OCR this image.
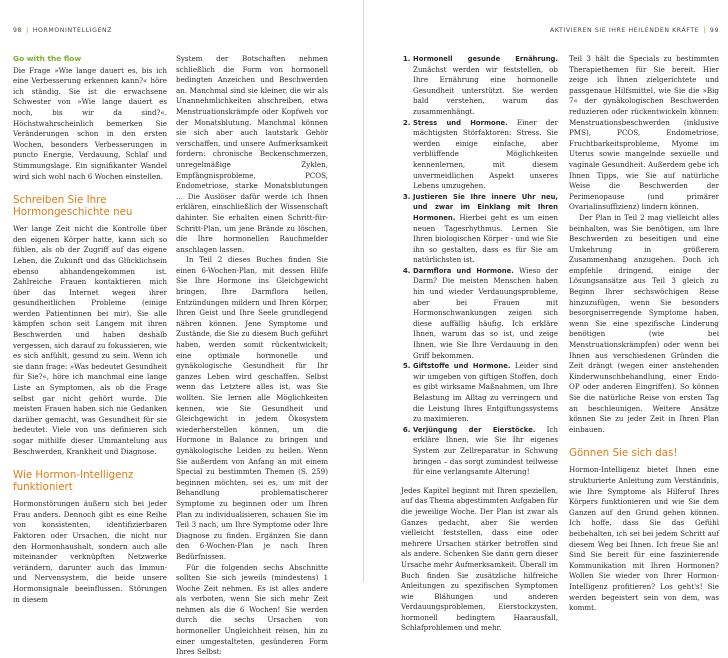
98 | HORMONINTELLIGENZ
Go with the flow

Die Frage »Wie lange dauert es, bis ich eine Verbesserung erkennen kann?« höre ich ständig. Sie ist die erwachsene Schwester von »Wie lange dauert es noch, bis wir da sind?«. Höchstwahrscheinlich bemerken Sie Veränderungen schon in den ersten Wochen, besonders Verbesserungen in puncto Energie, Verdauung, Schlaf und Stimmungslage. Ein signifikanter Wandel wird sich wohl nach 6 Wochen einstellen.

Schreiben Sie Ihre Hormongeschichte neu

Wer lange Zeit nicht die Kontrolle über den eigenen Körper hatte, kann sich so fühlen, als ob der Zugriff auf das eigene Leben, die Zukunft und das Glücklichsein ebenso abhandengekommen ist. Zahlreiche Frauen kontaktieren mich über das Internet wegen ihrer gesundheitlichen Probleme (einige werden Patientinnen bei mir). Sie alle kämpfen schon seit Langem mit ihren Beschwerden und haben deshalb vergessen, sich darauf zu fokussieren, wie es sich anfühlt, gesund zu sein. Wenn ich sie dann frage: »Was bedeutet Gesundheit für Sie?«, höre ich manchmal eine lange Liste an Symptomen, als ob die Frage selbst gar nicht gehört wurde. Die meisten Frauen haben sich nie Gedanken darüber gemacht, was Gesundheit für sie bedeutet. Viele von uns definieren sich sogar mithilfe dieser Ummantelung aus Beschwerden, Krankheit und Diagnose.

Wie Hormon-Intelligenz funktioniert

Hormonstörungen äußern sich bei jeder Frau anders. Dennoch gibt es eine Reihe von konsistenten, identifizierbaren Faktoren oder Ursachen, die nicht nur den Hormonhaushalt, sondern auch alle miteinander verknüpften Netzwerke verändern, darunter auch das Immun- und Nervensystem, die beide unsere Hormonsignale beeinflussen. Störungen in diesem

System der Botschaften nehmen schließlich die Form von hormonell bedingten Anzeichen und Beschwerden an. Manchmal sind sie kleiner, die wir als Unannehmlichkeiten abschreiben, etwa Menstruationskrämpfe oder Kopfweh vor der Monatsblutung. Manchmal können sie sich aber auch lautstark Gehör verschaffen, und unsere Aufmerksamkeit fordern: chronische Beckenschmerzen, unregelmäßige Zyklen, Empfängnisprobleme, PCOS, Endometriose, starke Monatsblutungen … Die Auslöser dafür werde ich Ihnen erklären, einschließlich der Wissenschaft dahinter. Sie erhalten einen Schritt-für-Schritt-Plan, um jene Brände zu löschen, die Ihre hormonellen Rauchmelder anschlagen lassen.

In Teil 2 dieses Buches finden Sie einen 6-Wochen-Plan, mit dessen Hilfe Sie Ihre Hormone ins Gleichgewicht bringen, Ihre Darmflora heilen, Entzündungen mildern und Ihren Körper, Ihren Geist und Ihre Seele grundlegend nähren können. Jene Symptome und Zustände, die Sie zu diesem Buch geführt haben, werden somit rückentwickelt; eine optimale hormonelle und gynäkologische Gesundheit für Ihr ganzes Leben wird geschaffen. Selbst wenn das Letztere alles ist, was Sie wollten. Sie lernen alle Möglichkeiten kennen, wie Sie Gesundheit und Gleichgewicht in jedem Ökosystem wiederherstellen können, um die Hormone in Balance zu bringen und gynäkologische Leiden zu heilen. Wenn Sie außerdem von Anfang an mit einem Special zu bestimmten Themen (S. 259) beginnen möchten, sei es, um mit der Behandlung problematischerer Symptome zu beginnen oder um Ihren Plan zu individualisieren, schauen Sie im Teil 3 nach, um Ihre Symptome oder Ihre Diagnose zu finden. Ergänzen Sie dann den 6-Wochen-Plan je nach Ihren Bedürfnissen.

Für die folgenden sechs Abschnitte sollten Sie sich jeweils (mindestens) 1 Woche Zeit nehmen. Es ist alles andere als verboten, wenn Sie sich mehr Zeit nehmen als die 6 Wochen! Sie werden durch die sechs Ursachen von hormoneller Ungleichheit reisen, hin zu einer umgestalteten, gesünderen Form Ihres Selbst:

AKTIVIEREN SIE IHRE HEILENDEN KRÄFTE | 99
1. Hormonell gesunde Ernährung. Zunächst werden wir feststellen, ob Ihre Ernährung eine hormonelle Gesundheit unterstützt. Sie werden bald verstehen, warum das zusammenhängt.
2. Stress und Hormone. Einer der mächtigsten Störfaktoren: Stress. Sie werden einige einfache, aber verblüffende Möglichkeiten kennenlernen, mit diesem unvermeidlichen Aspekt unseres Lebens umzugehen.
3. Justieren Sie Ihre innere Uhr neu, und zwar im Einklang mit Ihren Hormonen. Hierbei geht es um einen neuen Tagesrhythmus. Lernen Sie Ihren biologischen Körper - und wie Sie ihn so gestalten, dass es für Sie am natürlichsten ist.
4. Darmflora und Hormone. Wieso der Darm? Die meisten Menschen haben hin und wieder Verdauungsprobleme, aber bei Frauen mit Hormonschwankungen zeigen sich diese auffällig häufig. Ich erkläre Ihnen, warum das so ist, und zeige Ihnen, wie Sie Ihre Verdauung in den Griff bekommen.
5. Giftstoffe und Hormone. Leider sind wir umgeben von giftigen Stoffen, doch es gibt wirksame Maßnahmen, um Ihre Belastung im Alltag zu verringern und die Leistung Ihres Entgiftungssystems zu maximieren.
6. Verjüngung der Eierstöcke. Ich erkläre Ihnen, wie Sie Ihr eigenes System zur Zellreparatur in Schwung bringen – das sorgt zumindest teilweise für eine verlangsamte Alterung!

Jedes Kapitel beginnt mit Ihren speziellen, auf das Thema abgestimmten Aufgaben für die jeweilige Woche. Der Plan ist zwar als Ganzes gedacht, aber Sie werden vielleicht feststellen, dass eine oder mehrere Ursachen stärker betroffen sind als andere. Schenken Sie dann gern dieser Ursache mehr Aufmerksamkeit. Überall im Buch finden Sie zusätzliche hilfreiche Anleitungen zu spezifischen Symptomen wie Blähungen und anderen Verdauungsproblemen, Eierstockzysten, hormonell bedingtem Haarausfall, Schlafproblemen und mehr.

Teil 3 hält die Specials zu bestimmten Therapiethemen für Sie bereit. Hier zeige ich Ihnen zielgerichtete und passgenaue Hilfsmittel, wie Sie die »Big 7« der gynäkologischen Beschwerden reduzieren oder rückentwickeln können: Menstruationsbeschwerden (inklusive PMS), PCOS, Endometriose, Fruchtbarkeitsprobleme, Myome im Uterus sowie mangelnde sexuelle und vaginale Gesundheit. Außerdem gebe ich Ihnen Tipps, wie Sie auf natürliche Weise die Beschwerden der Perimenopause (und primärer Ovarialinsuffizienz) lindern können.

Der Plan in Teil 2 mag vielleicht alles beinhalten, was Sie benötigen, um Ihre Beschwerden zu beseitigen und eine Umkehrung in größerem Zusammenhang anzugehen. Doch ich empfehle dringend, einige der Lösungsansätze aus Teil 3 gleich zu Beginn Ihrer sechswöchigen Reise hinzuzufügen, wenn Sie besonders besorgniserregende Symptome haben, wenn Sie eine spezifische Linderung benötigen (wie bei Menstruationskrämpfen) oder wenn bei Ihnen aus verschiedenen Gründen die Zeit drängt (wegen einer anstehenden Kinderwunschbehandlung, einer Endo-OP oder anderen Eingriffen). So können Sie die natürliche Reise von ersten Tag an beschleunigen. Weitere Ansätze können Sie zu jeder Zeit in Ihren Plan einbauen.

Gönnen Sie sich das!

Hormon-Intelligenz bietet Ihnen eine strukturierte Anleitung zum Verständnis, wie Ihre Symptome als Hilferuf Ihres Körpers funktionieren und wie Sie dem Ganzen auf den Grund gehen können. Ich hoffe, dass Sie das Gefühl beibehalten, ich sei bei jedem Schritt auf diesem Weg bei Ihnen. Ich freue Sie an! Sind Sie bereit für eine faszinierende Kommunikation mit Ihren Hormonen? Wollen Sie wieder von Ihrer Hormon-Intelligenz profitieren? Los geht's! Sie werden begeistert sein von dem, was kommt.
